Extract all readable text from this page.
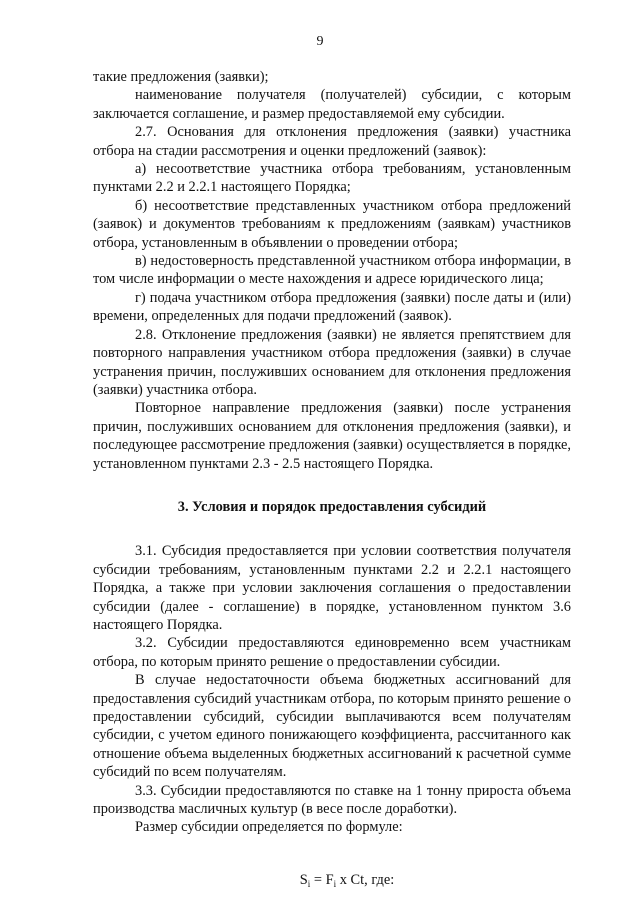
9

такие предложения (заявки);

наименование получателя (получателей) субсидии, с которым заключается соглашение, и размер предоставляемой ему субсидии.

2.7. Основания для отклонения предложения (заявки) участника отбора на стадии рассмотрения и оценки предложений (заявок):

а) несоответствие участника отбора требованиям, установленным пунктами 2.2 и 2.2.1 настоящего Порядка;

б) несоответствие представленных участником отбора предложений (заявок) и документов требованиям к предложениям (заявкам) участников отбора, установленным в объявлении о проведении отбора;

в) недостоверность представленной участником отбора информации, в том числе информации о месте нахождения и адресе юридического лица;

г) подача участником отбора предложения (заявки) после даты и (или) времени, определенных для подачи предложений (заявок).

2.8. Отклонение предложения (заявки) не является препятствием для повторного направления участником отбора предложения (заявки) в случае устранения причин, послуживших основанием для отклонения предложения (заявки) участника отбора.

Повторное направление предложения (заявки) после устранения причин, послуживших основанием для отклонения предложения (заявки), и последующее рассмотрение предложения (заявки) осуществляется в порядке, установленном пунктами 2.3 - 2.5 настоящего Порядка.

3. Условия и порядок предоставления субсидий

3.1. Субсидия предоставляется при условии соответствия получателя субсидии требованиям, установленным пунктами 2.2 и 2.2.1 настоящего Порядка, а также при условии заключения соглашения о предоставлении субсидии (далее - соглашение) в порядке, установленном пунктом 3.6 настоящего Порядка.

3.2. Субсидии предоставляются единовременно всем участникам отбора, по которым принято решение о предоставлении субсидии.

В случае недостаточности объема бюджетных ассигнований для предоставления субсидий участникам отбора, по которым принято решение о предоставлении субсидий, субсидии выплачиваются всем получателям субсидии, с учетом единого понижающего коэффициента, рассчитанного как отношение объема выделенных бюджетных ассигнований к расчетной сумме субсидий по всем получателям.

3.3. Субсидии предоставляются по ставке на 1 тонну прироста объема производства масличных культур (в весе после доработки).

Размер субсидии определяется по формуле:

$S_i = F_i$ x Ct, где:
